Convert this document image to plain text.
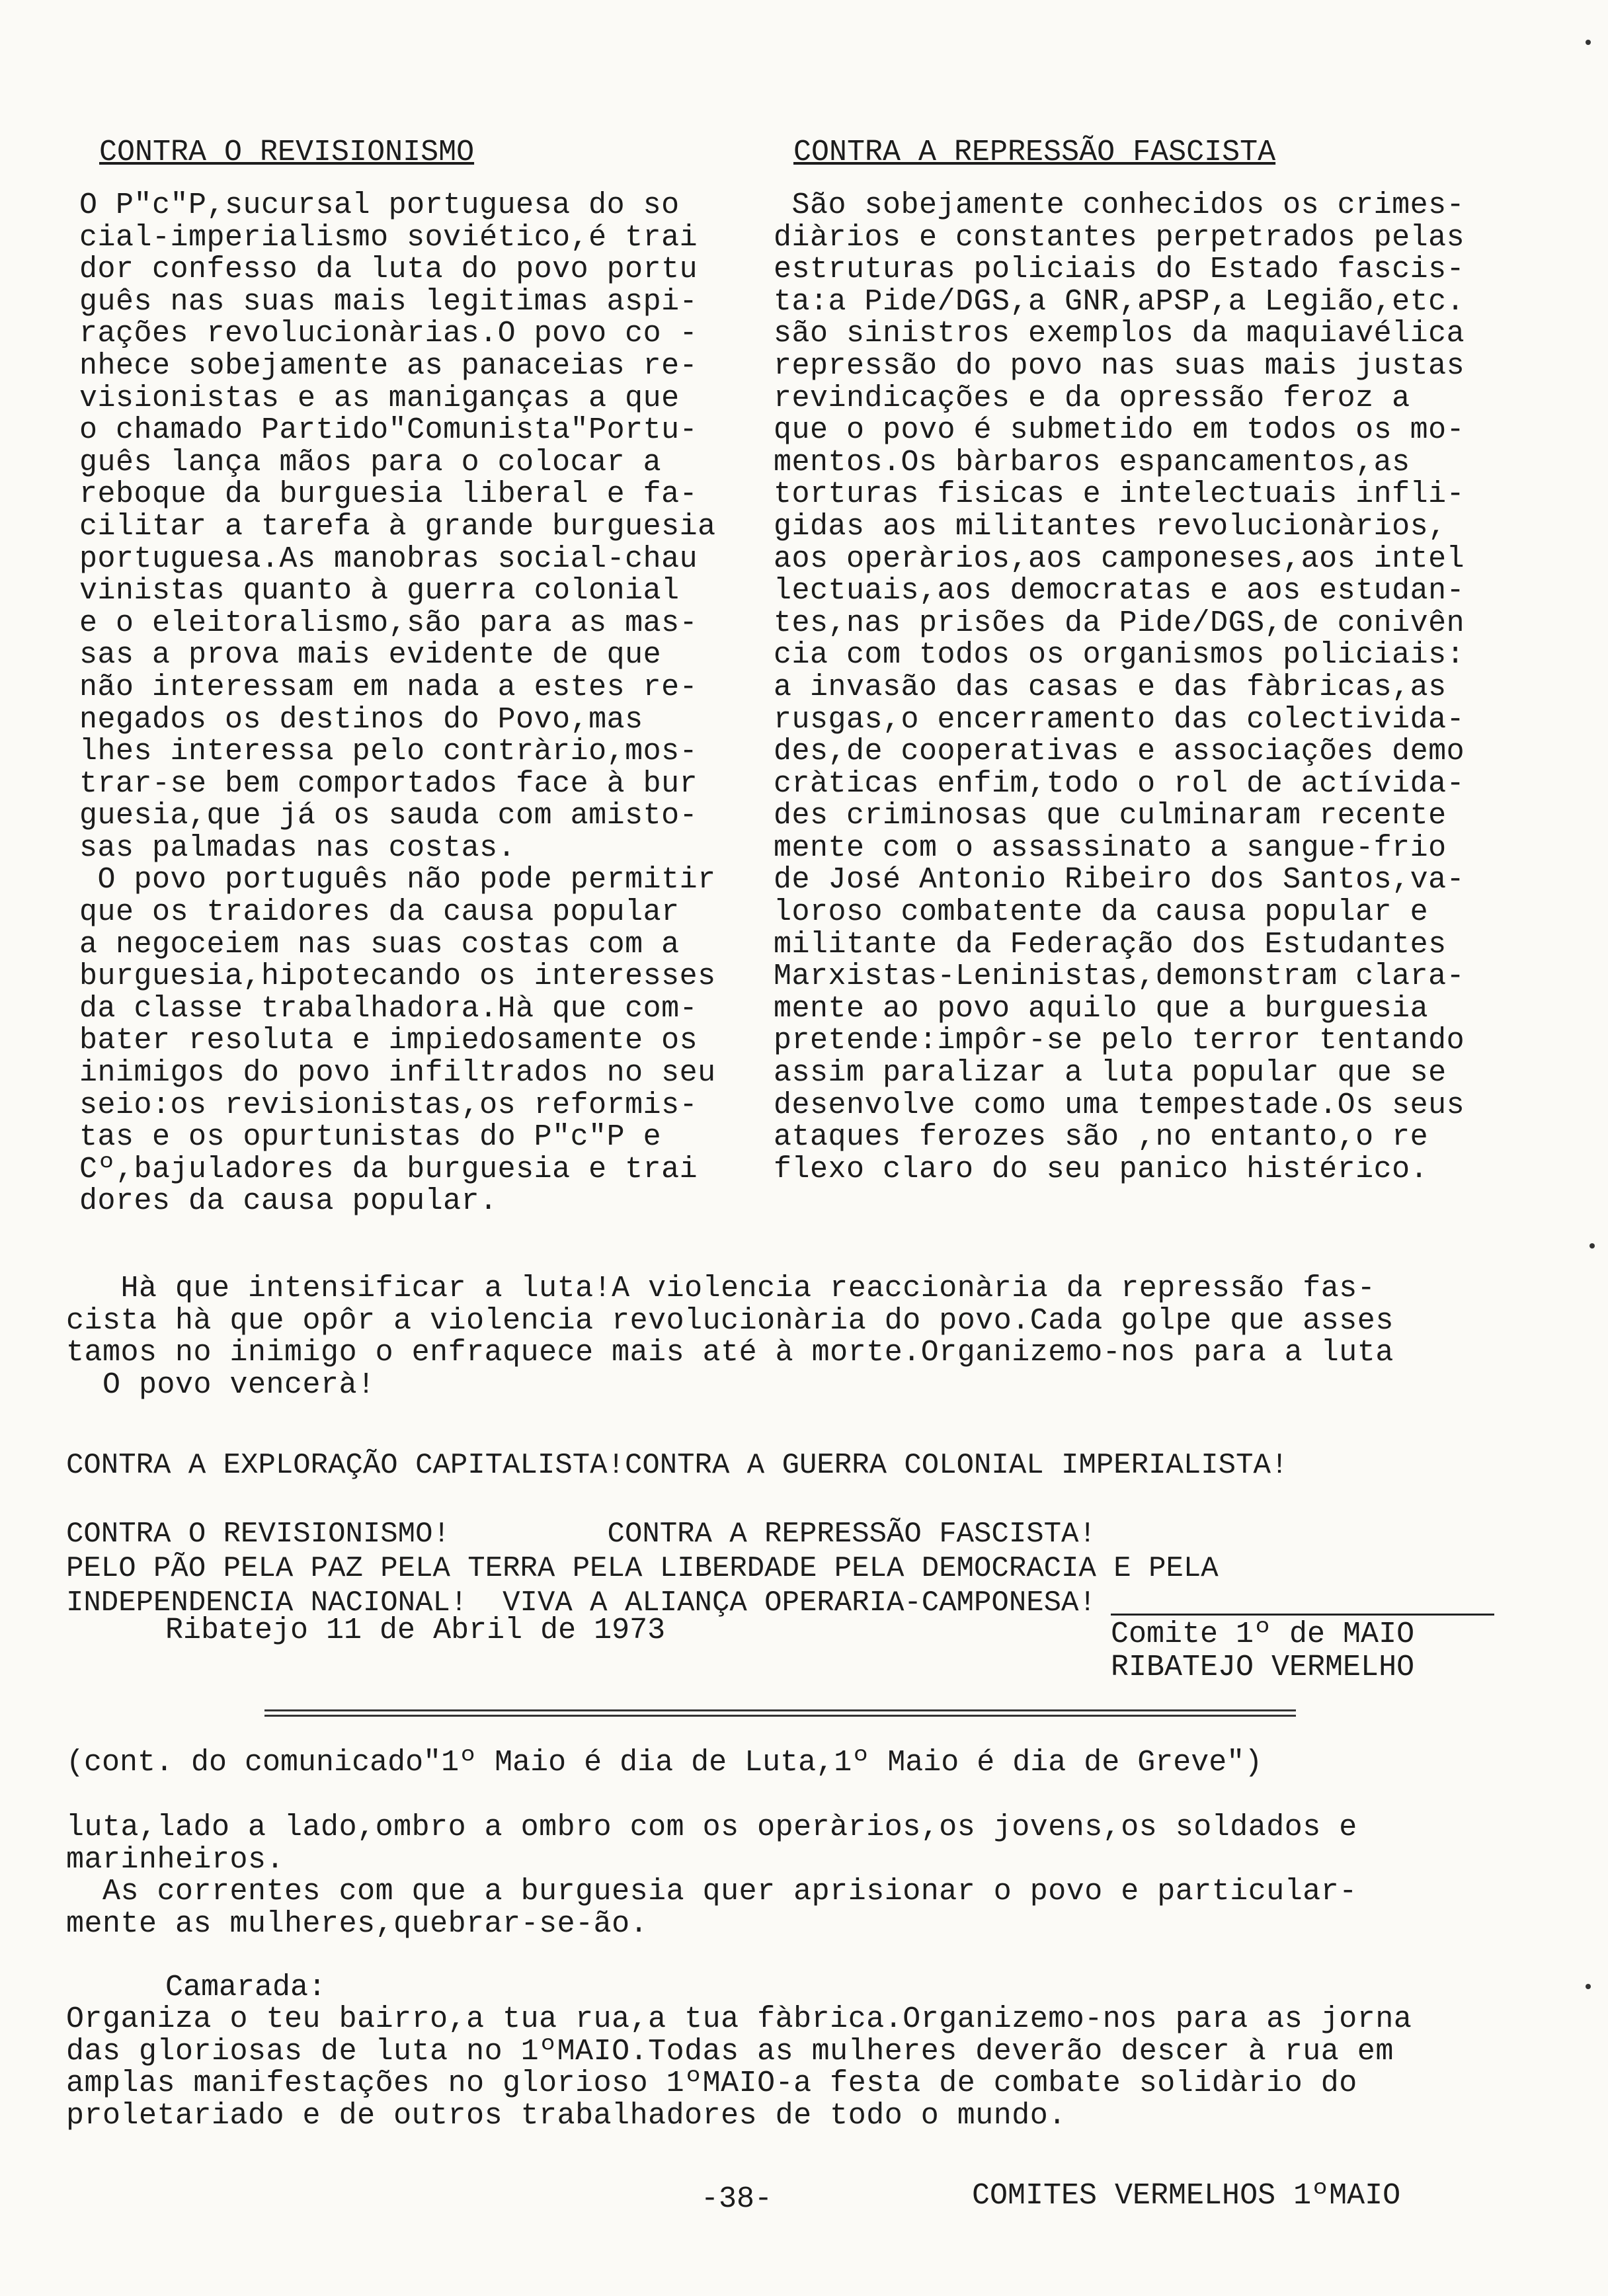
CONTRA O REVISIONISMO
O P"c"P,sucursal portuguesa do so
cial-imperialismo soviético,é trai
dor confesso da luta do povo portu
guês nas suas mais legitimas aspi-
rações revolucionàrias.O povo co -
nhece sobejamente as panaceias re-
visionistas e as maniganças a que
o chamado Partido"Comunista"Portu-
guês lança mãos para o colocar a
reboque da burguesia liberal e fa-
cilitar a tarefa à grande burguesia
portuguesa.As manobras social-chau
vinistas quanto à guerra colonial
e o eleitoralismo,são para as mas-
sas a prova mais evidente de que
não interessam em nada a estes re-
negados os destinos do Povo,mas
lhes interessa pelo contràrio,mos-
trar-se bem comportados face à bur
guesia,que já os sauda com amisto-
sas palmadas nas costas.
O povo português não pode permitir
que os traidores da causa popular
a negoceiem nas suas costas com a
burguesia,hipotecando os interesses
da classe trabalhadora.Hà que com-
bater resoluta e impiedosamente os
inimigos do povo infiltrados no seu
seio:os revisionistas,os reformis-
tas e os opurtunistas do P"c"P e
Cº,bajuladores da burguesia e trai
dores da causa popular.
CONTRA A REPRESSÃO FASCISTA
São sobejamente conhecidos os crimes-
diàrios e constantes perpetrados pelas
estruturas policiais do Estado fascis-
ta:a Pide/DGS,a GNR,aPSP,a Legião,etc.
são sinistros exemplos da maquiavélica
repressão do povo nas suas mais justas
revindicações e da opressão feroz a
que o povo é submetido em todos os mo-
mentos.Os bàrbaros espancamentos,as
torturas fisicas e intelectuais infli-
gidas aos militantes revolucionàrios,
aos operàrios,aos camponeses,aos intel
lectuais,aos democratas e aos estudan-
tes,nas prisões da Pide/DGS,de conivên
cia com todos os organismos policiais:
a invasão das casas e das fàbricas,as
rusgas,o encerramento das colectivida-
des,de cooperativas e associações demo
cràticas enfim,todo o rol de actívida-
des criminosas que culminaram recente
mente com o assassinato a sangue-frio
de José Antonio Ribeiro dos Santos,va-
loroso combatente da causa popular e
militante da Federação dos Estudantes
Marxistas-Leninistas,demonstram clara-
mente ao povo aquilo que a burguesia
pretende:impôr-se pelo terror tentando
assim paralizar a luta popular que se
desenvolve como uma tempestade.Os seus
ataques ferozes são ,no entanto,o re
flexo claro do seu panico histérico.
Hà que intensificar a luta!A violencia reaccionària da repressão fas-
cista hà que opôr a violencia revolucionària do povo.Cada golpe que asses
tamos no inimigo o enfraquece mais até à morte.Organizemo-nos para a luta
O povo vencerà!
CONTRA A EXPLORAÇÃO CAPITALISTA!CONTRA A GUERRA COLONIAL IMPERIALISTA!

CONTRA O REVISIONISMO!         CONTRA A REPRESSÃO FASCISTA!
PELO PÃO PELA PAZ PELA TERRA PELA LIBERDADE PELA DEMOCRACIA E PELA
INDEPENDENCIA NACIONAL!  VIVA A ALIANÇA OPERARIA-CAMPONESA!
Ribatejo 11 de Abril de 1973	Comite 1º de MAIO
RIBATEJO VERMELHO
(cont. do comunicado"1º Maio é dia de Luta,1º Maio é dia de Greve")
luta,lado a lado,ombro a ombro com os operàrios,os jovens,os soldados e
marinheiros.
As correntes com que a burguesia quer aprisionar o povo e particular-
mente as mulheres,quebrar-se-ão.
Camarada:
Organiza o teu bairro,a tua rua,a tua fàbrica.Organizemo-nos para as jorna
das gloriosas de luta no 1ºMAIO.Todas as mulheres deverão descer à rua em
amplas manifestações no glorioso 1ºMAIO-a festa de combate solidàrio do
proletariado e de outros trabalhadores de todo o mundo.
-38-	COMITES VERMELHOS 1ºMAIO
